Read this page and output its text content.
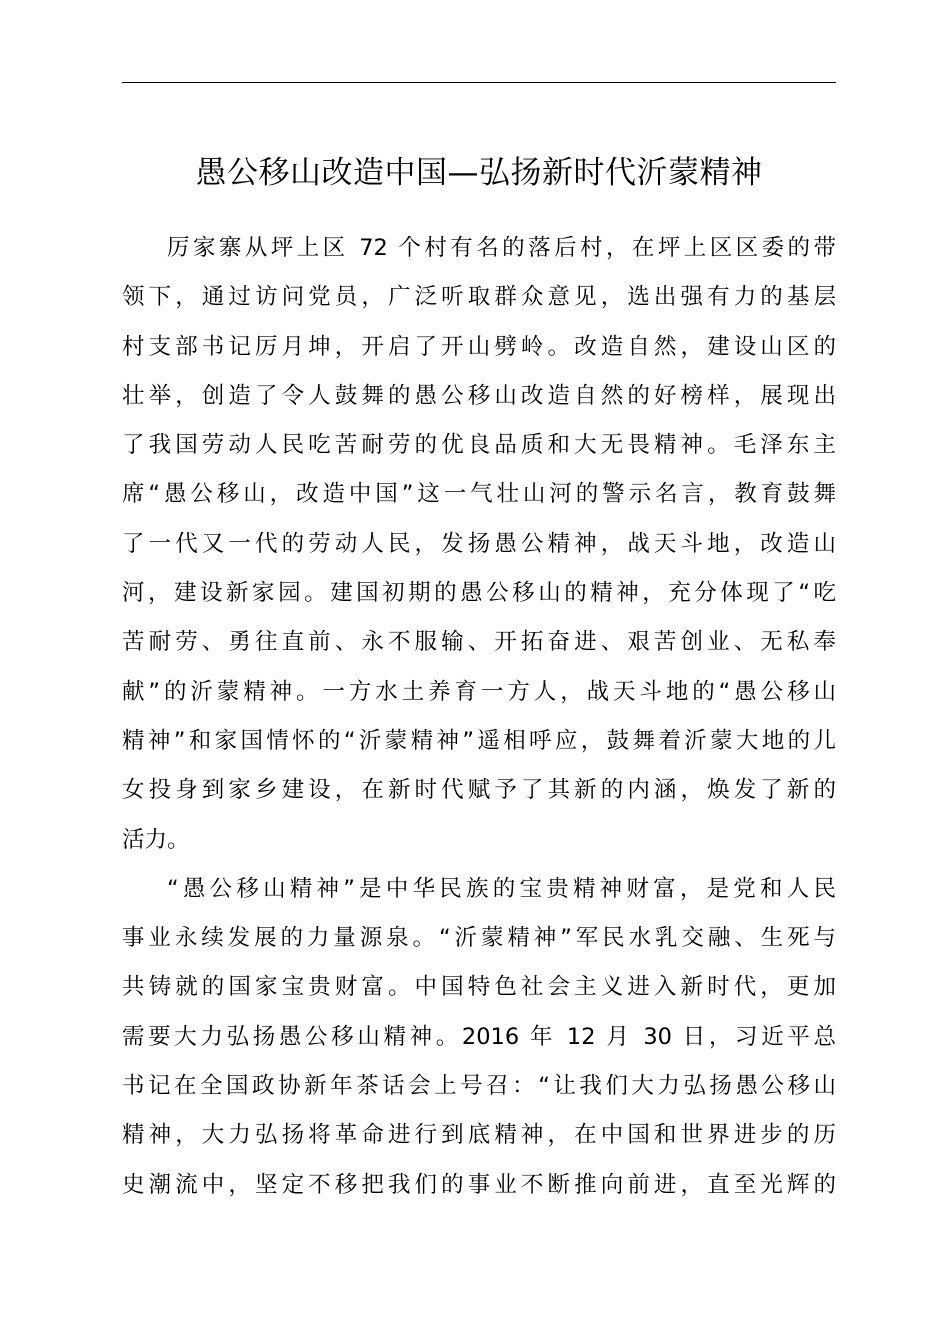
愚公移山改造中国—弘扬新时代沂蒙精神

厉家寨从坪上区 72 个村有名的落后村，在坪上区区委的带
领下，通过访问党员，广泛听取群众意见，选出强有力的基层
村支部书记厉月坤，开启了开山劈岭。改造自然，建设山区的
壮举，创造了令人鼓舞的愚公移山改造自然的好榜样，展现出
了我国劳动人民吃苦耐劳的优良品质和大无畏精神。毛泽东主
席“愚公移山，改造中国”这一气壮山河的警示名言，教育鼓舞
了一代又一代的劳动人民，发扬愚公精神，战天斗地，改造山
河，建设新家园。建国初期的愚公移山的精神，充分体现了“吃
苦耐劳、勇往直前、永不服输、开拓奋进、艰苦创业、无私奉
献”的沂蒙精神。一方水土养育一方人，战天斗地的“愚公移山
精神”和家国情怀的“沂蒙精神”遥相呼应，鼓舞着沂蒙大地的儿
女投身到家乡建设，在新时代赋予了其新的内涵，焕发了新的
活力。

“愚公移山精神”是中华民族的宝贵精神财富，是党和人民
事业永续发展的力量源泉。“沂蒙精神”军民水乳交融、生死与
共铸就的国家宝贵财富。中国特色社会主义进入新时代，更加
需要大力弘扬愚公移山精神。2016 年 12 月 30 日，习近平总
书记在全国政协新年茶话会上号召：“让我们大力弘扬愚公移山
精神，大力弘扬将革命进行到底精神，在中国和世界进步的历
史潮流中，坚定不移把我们的事业不断推向前进，直至光辉的
